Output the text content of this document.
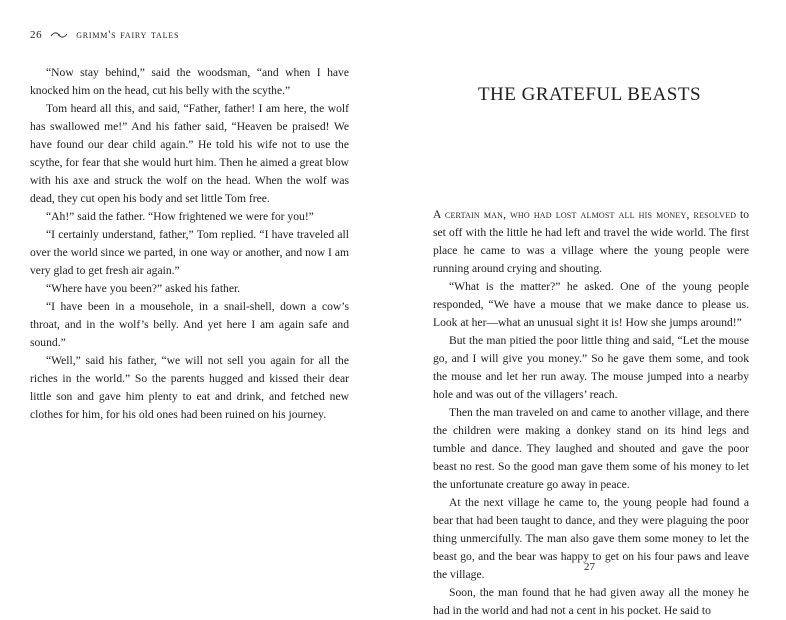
26	grimm's fairy tales

“Now stay behind,” said the woodsman, “and when I have knocked him on the head, cut his belly with the scythe.”

Tom heard all this, and said, “Father, father! I am here, the wolf has swallowed me!” And his father said, “Heaven be praised! We have found our dear child again.” He told his wife not to use the scythe, for fear that she would hurt him. Then he aimed a great blow with his axe and struck the wolf on the head. When the wolf was dead, they cut open his body and set little Tom free.

“Ah!” said the father. “How frightened we were for you!”

“I certainly understand, father,” Tom replied. “I have traveled all over the world since we parted, in one way or another, and now I am very glad to get fresh air again.”

“Where have you been?” asked his father.

“I have been in a mousehole, in a snail-shell, down a cow’s throat, and in the wolf’s belly. And yet here I am again safe and sound.”

“Well,” said his father, “we will not sell you again for all the riches in the world.” So the parents hugged and kissed their dear little son and gave him plenty to eat and drink, and fetched new clothes for him, for his old ones had been ruined on his journey.

THE GRATEFUL BEASTS

A certain man, who had lost almost all his money, resolved to set off with the little he had left and travel the wide world. The first place he came to was a village where the young people were running around crying and shouting.

“What is the matter?” he asked. One of the young people responded, “We have a mouse that we make dance to please us. Look at her—what an unusual sight it is! How she jumps around!”

But the man pitied the poor little thing and said, “Let the mouse go, and I will give you money.” So he gave them some, and took the mouse and let her run away. The mouse jumped into a nearby hole and was out of the villagers’ reach.

Then the man traveled on and came to another village, and there the children were making a donkey stand on its hind legs and tumble and dance. They laughed and shouted and gave the poor beast no rest. So the good man gave them some of his money to let the unfortunate creature go away in peace.

At the next village he came to, the young people had found a bear that had been taught to dance, and they were plaguing the poor thing unmercifully. The man also gave them some money to let the beast go, and the bear was happy to get on his four paws and leave the village.

Soon, the man found that he had given away all the money he had in the world and had not a cent in his pocket. He said to

27
